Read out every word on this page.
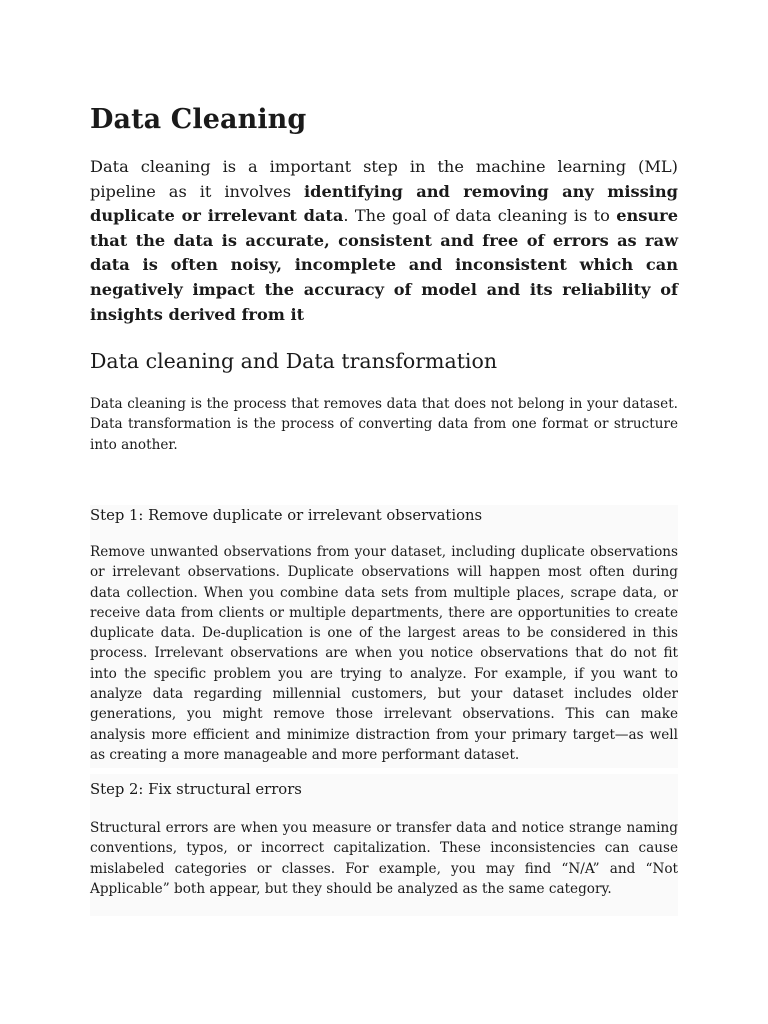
Data Cleaning

Data cleaning is a important step in the machine learning (ML) pipeline as it involves identifying and removing any missing duplicate or irrelevant data. The goal of data cleaning is to ensure that the data is accurate, consistent and free of errors as raw data is often noisy, incomplete and inconsistent which can negatively impact the accuracy of model and its reliability of insights derived from it

Data cleaning and Data transformation

Data cleaning is the process that removes data that does not belong in your dataset. Data transformation is the process of converting data from one format or structure into another.

Step 1: Remove duplicate or irrelevant observations

Remove unwanted observations from your dataset, including duplicate observations or irrelevant observations. Duplicate observations will happen most often during data collection. When you combine data sets from multiple places, scrape data, or receive data from clients or multiple departments, there are opportunities to create duplicate data. De-duplication is one of the largest areas to be considered in this process. Irrelevant observations are when you notice observations that do not fit into the specific problem you are trying to analyze. For example, if you want to analyze data regarding millennial customers, but your dataset includes older generations, you might remove those irrelevant observations. This can make analysis more efficient and minimize distraction from your primary target—as well as creating a more manageable and more performant dataset.

Step 2: Fix structural errors

Structural errors are when you measure or transfer data and notice strange naming conventions, typos, or incorrect capitalization. These inconsistencies can cause mislabeled categories or classes. For example, you may find “N/A” and “Not Applicable” both appear, but they should be analyzed as the same category.
